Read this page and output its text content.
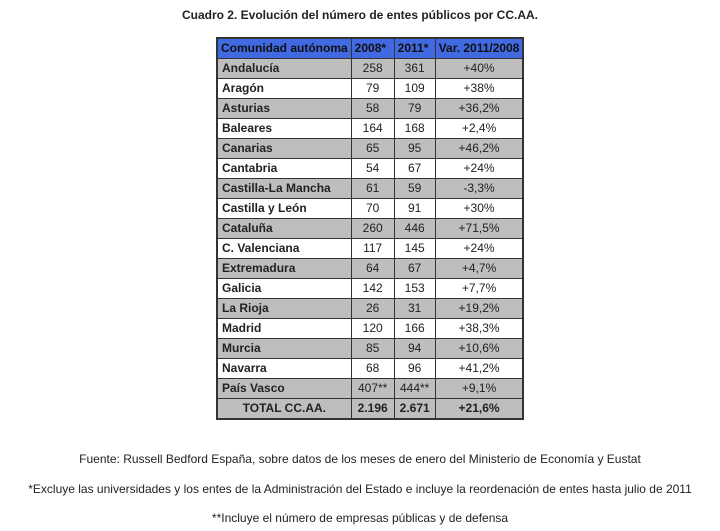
Cuadro 2. Evolución del número de entes públicos por CC.AA.
Comunidad autónoma	2008*	2011*	Var. 2011/2008
Andalucía	258	361	+40%
Aragón	79	109	+38%
Asturias	58	79	+36,2%
Baleares	164	168	+2,4%
Canarias	65	95	+46,2%
Cantabria	54	67	+24%
Castilla-La Mancha	61	59	-3,3%
Castilla y León	70	91	+30%
Cataluña	260	446	+71,5%
C. Valenciana	117	145	+24%
Extremadura	64	67	+4,7%
Galicia	142	153	+7,7%
La Rioja	26	31	+19,2%
Madrid	120	166	+38,3%
Murcia	85	94	+10,6%
Navarra	68	96	+41,2%
País Vasco	407**	444**	+9,1%
TOTAL CC.AA.	2.196	2.671	+21,6%
Fuente: Russell Bedford España, sobre datos de los meses de enero del Ministerio de Economía y Eustat
*Excluye las universidades y los entes de la Administración del Estado e incluye la reordenación de entes hasta julio de 2011
**Incluye el número de empresas públicas y de defensa
